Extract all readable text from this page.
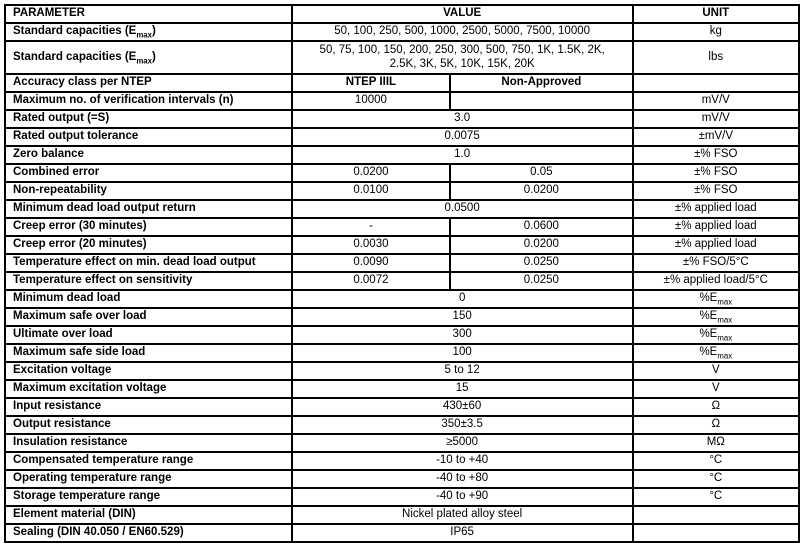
PARAMETER	VALUE		UNIT
Standard capacities $(E_{max})$	50, 100, 250, 500, 1000, 2500, 5000, 7500, 10000		kg
Standard capacities $(E_{max})$	50, 75, 100, 150, 200, 250, 300, 500, 750, 1K, 1.5K, 2K,
2.5K, 3K, 5K, 10K, 15K, 20K		lbs
Accuracy class per NTEP	NTEP IIIL	Non-Approved	
Maximum no. of verification intervals (n)	10000		mV/V
Rated output (=S)	3.0		mV/V
Rated output tolerance	0.0075		±mV/V
Zero balance	1.0		±% FSO
Combined error	0.0200	0.05	±% FSO
Non-repeatability	0.0100	0.0200	±% FSO
Minimum dead load output return	0.0500		±% applied load
Creep error (30 minutes)	-	0.0600	±% applied load
Creep error (20 minutes)	0.0030	0.0200	±% applied load
Temperature effect on min. dead load output	0.0090	0.0250	±% FSO/5°C
Temperature effect on sensitivity	0.0072	0.0250	±% applied load/5°C
Minimum dead load	0		$\%E_{max}$
Maximum safe over load	150		$\%E_{max}$
Ultimate over load	300		$\%E_{max}$
Maximum safe side load	100		$\%E_{max}$
Excitation voltage	5 to 12		V
Maximum excitation voltage	15		V
Input resistance	430±60		Ω
Output resistance	350±3.5		Ω
Insulation resistance	≥5000		MΩ
Compensated temperature range	-10 to +40		°C
Operating temperature range	-40 to +80		°C
Storage temperature range	-40 to +90		°C
Element material (DIN)	Nickel plated alloy steel		
Sealing (DIN 40.050 / EN60.529)	IP65		
